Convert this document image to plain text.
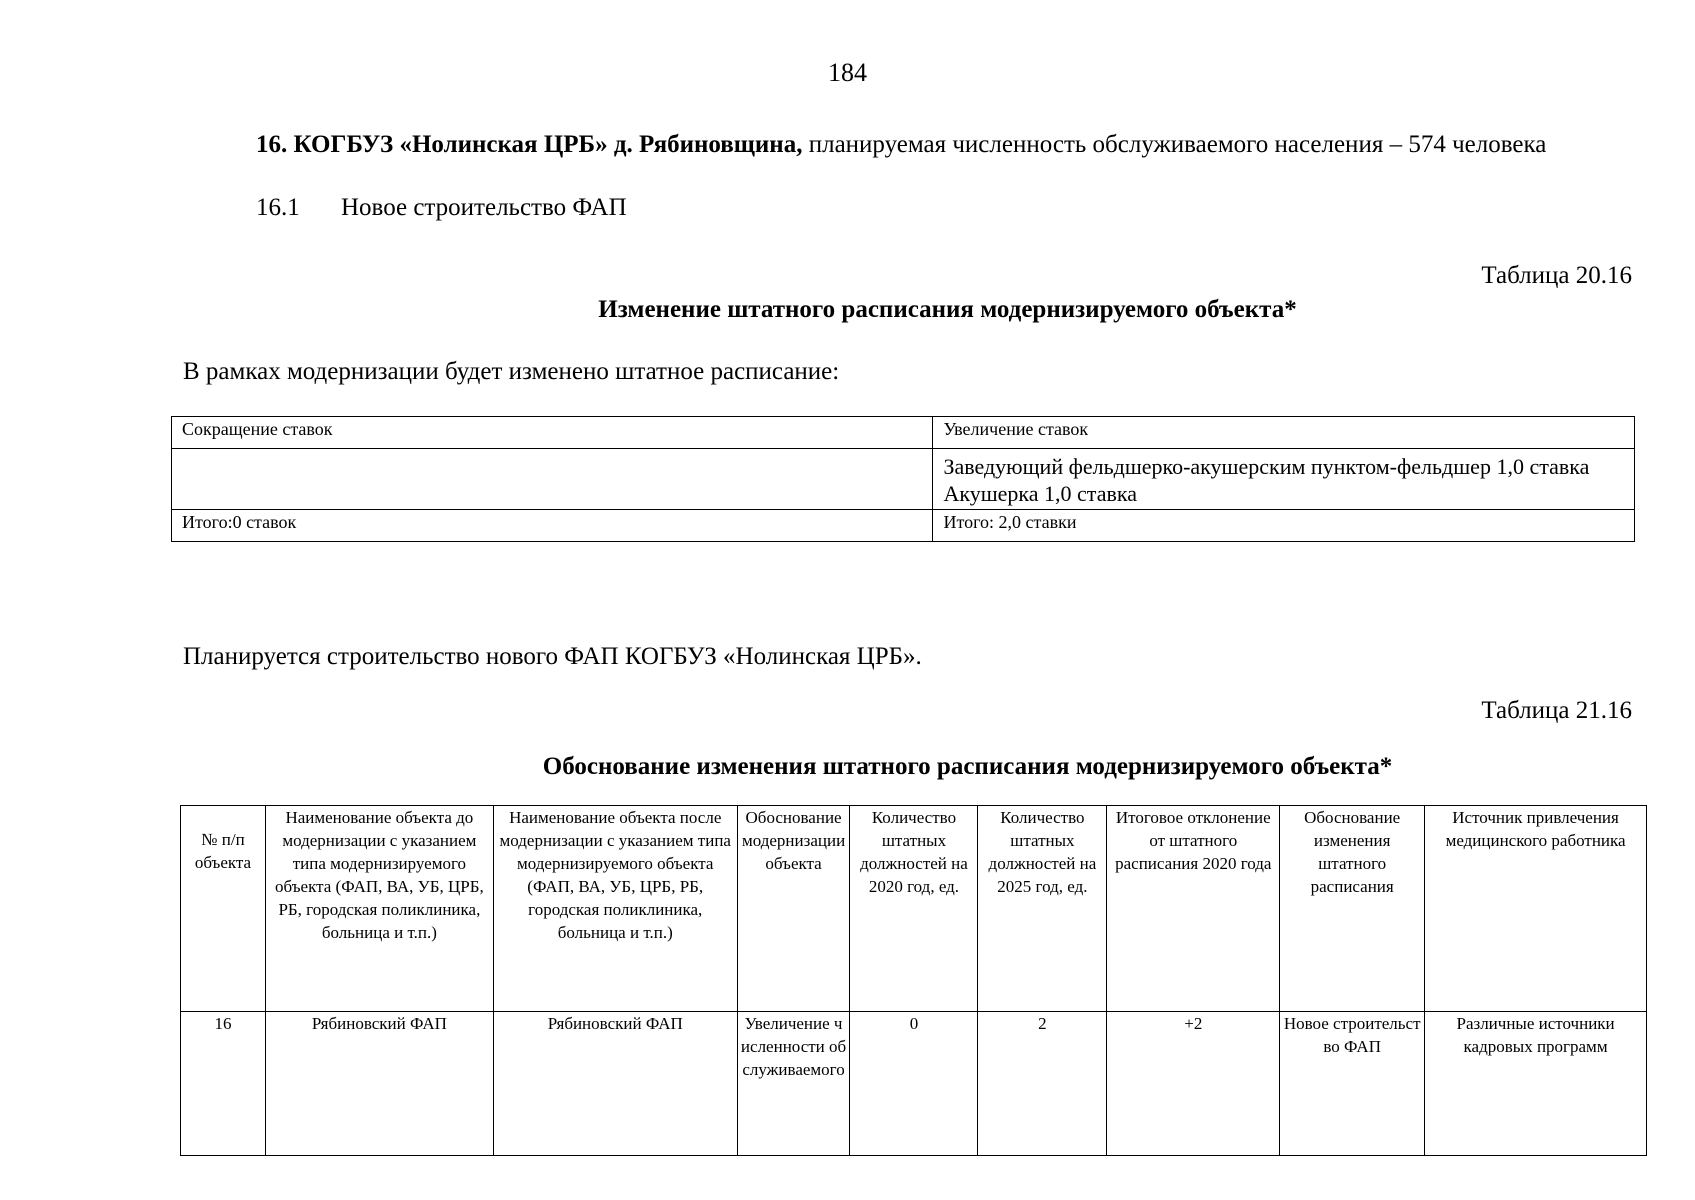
184
16. КОГБУЗ «Нолинская ЦРБ» д. Рябиновщина, планируемая численность обслуживаемого населения – 574 человека
16.1 Новое строительство ФАП
Таблица 20.16
Изменение штатного расписания модернизируемого объекта*
В рамках модернизации будет изменено штатное расписание:
Сокращение ставок	Увеличение ставок

	Заведующий фельдшерко-акушерским пунктом-фельдшер 1,0 ставка
Акушерка 1,0 ставка

Итого:0 ставок	Итого: 2,0 ставки
Планируется строительство нового ФАП КОГБУЗ «Нолинская ЦРБ».
Таблица 21.16
Обоснование изменения штатного расписания модернизируемого объекта*
№ п/п объекта	Наименование объекта до модернизации с указанием типа модернизируемого объекта (ФАП, ВА, УБ, ЦРБ, РБ, городская поликлиника, больница и т.п.)	Наименование объекта после модернизации с указанием типа модернизируемого объекта (ФАП, ВА, УБ, ЦРБ, РБ, городская поликлиника, больница и т.п.)	Обоснование модернизации объекта	Количество штатных должностей на 2020 год, ед.	Количество штатных должностей на 2025 год, ед.	Итоговое отклонение от штатного расписания 2020 года	Обоснование изменения штатного расписания	Источник привлечения медицинского работника
16	Рябиновский ФАП	Рябиновский ФАП	Увеличение численности обслуживаемого	0	2	+2	Новое строительство ФАП	Различные источники кадровых программ
